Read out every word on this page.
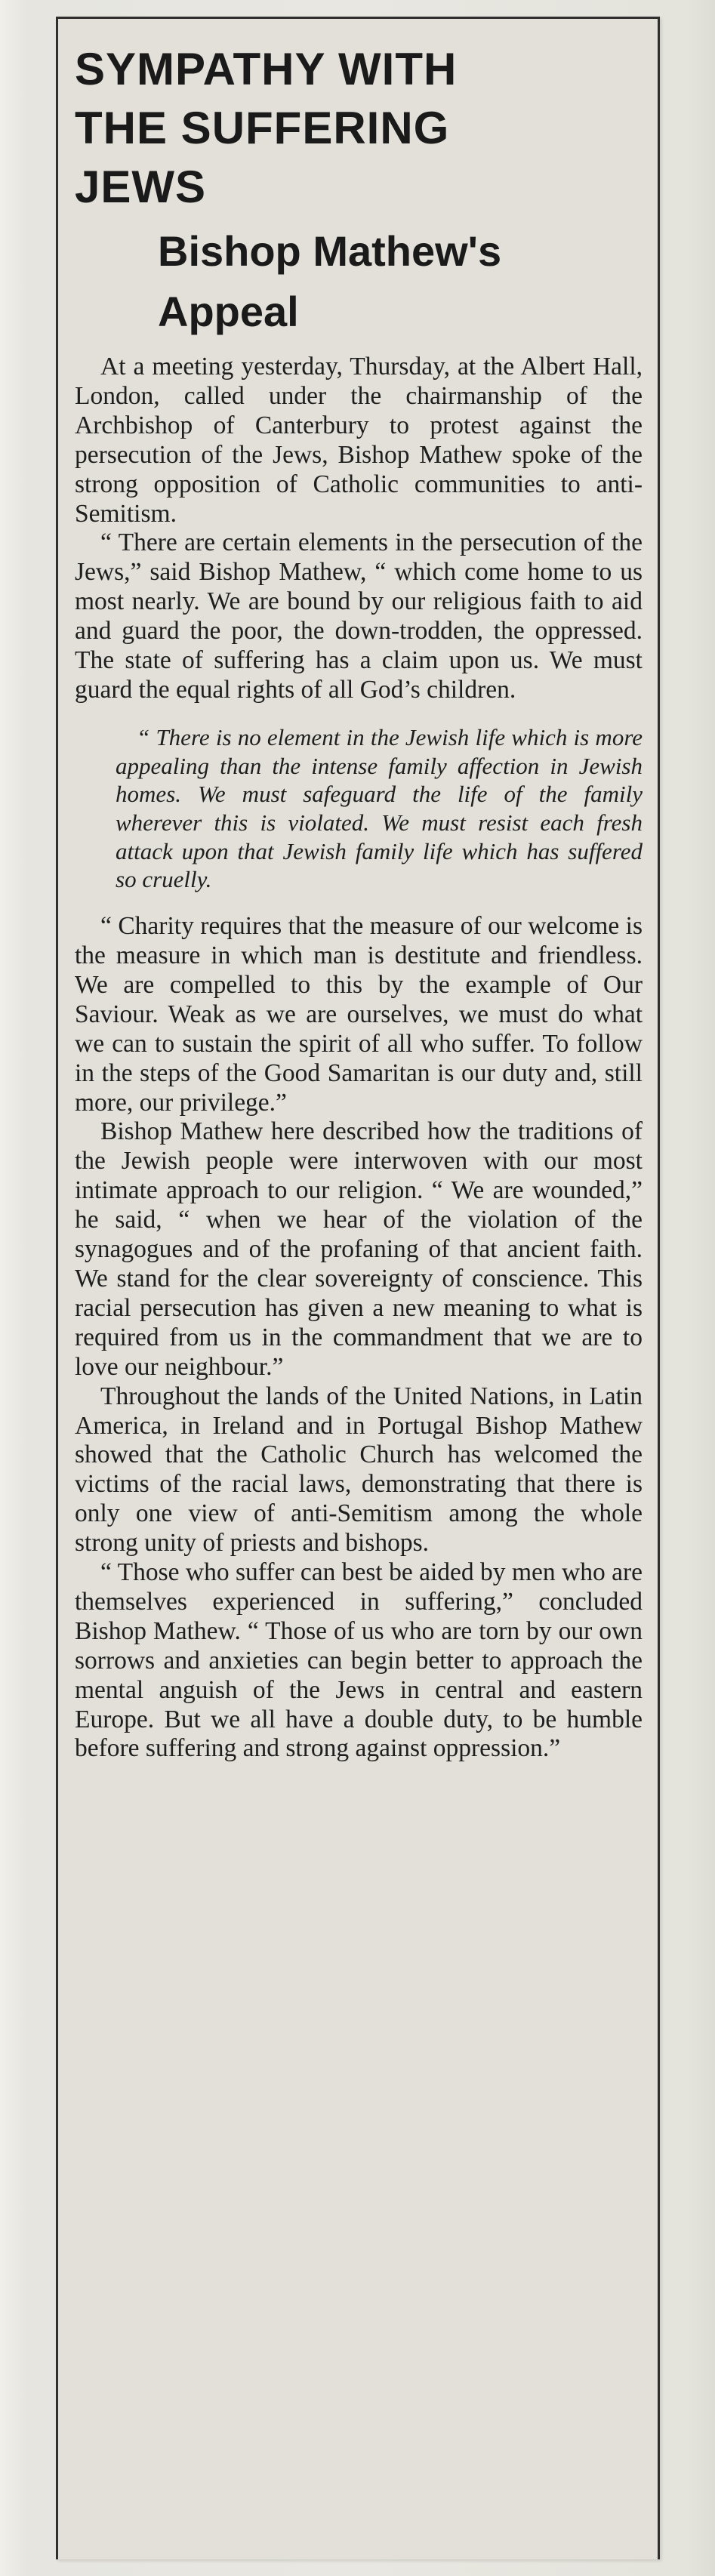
SYMPATHY WITH
THE SUFFERING
JEWS
Bishop Mathew's
Appeal

At a meeting yesterday, Thursday, at the Albert Hall, London, called under the chairmanship of the Archbishop of Canterbury to protest against the persecution of the Jews, Bishop Mathew spoke of the strong opposition of Catholic communities to anti-Semitism.

“ There are certain elements in the persecution of the Jews,” said Bishop Mathew, “ which come home to us most nearly. We are bound by our religious faith to aid and guard the poor, the down-trodden, the oppressed. The state of suffering has a claim upon us. We must guard the equal rights of all God’s children.

“ There is no element in the Jewish life which is more appealing than the intense family affection in Jewish homes. We must safeguard the life of the family wherever this is violated. We must resist each fresh attack upon that Jewish family life which has suffered so cruelly.

“ Charity requires that the measure of our welcome is the measure in which man is destitute and friendless. We are compelled to this by the example of Our Saviour. Weak as we are ourselves, we must do what we can to sustain the spirit of all who suffer. To follow in the steps of the Good Samaritan is our duty and, still more, our privilege.”

Bishop Mathew here described how the traditions of the Jewish people were interwoven with our most intimate approach to our religion. “ We are wounded,” he said, “ when we hear of the violation of the synagogues and of the profaning of that ancient faith. We stand for the clear sovereignty of conscience. This racial persecution has given a new meaning to what is required from us in the commandment that we are to love our neighbour.”

Throughout the lands of the United Nations, in Latin America, in Ireland and in Portugal Bishop Mathew showed that the Catholic Church has welcomed the victims of the racial laws, demonstrating that there is only one view of anti-Semitism among the whole strong unity of priests and bishops.

“ Those who suffer can best be aided by men who are themselves experienced in suffering,” concluded Bishop Mathew. “ Those of us who are torn by our own sorrows and anxieties can begin better to approach the mental anguish of the Jews in central and eastern Europe. But we all have a double duty, to be humble before suffering and strong against oppression.”
